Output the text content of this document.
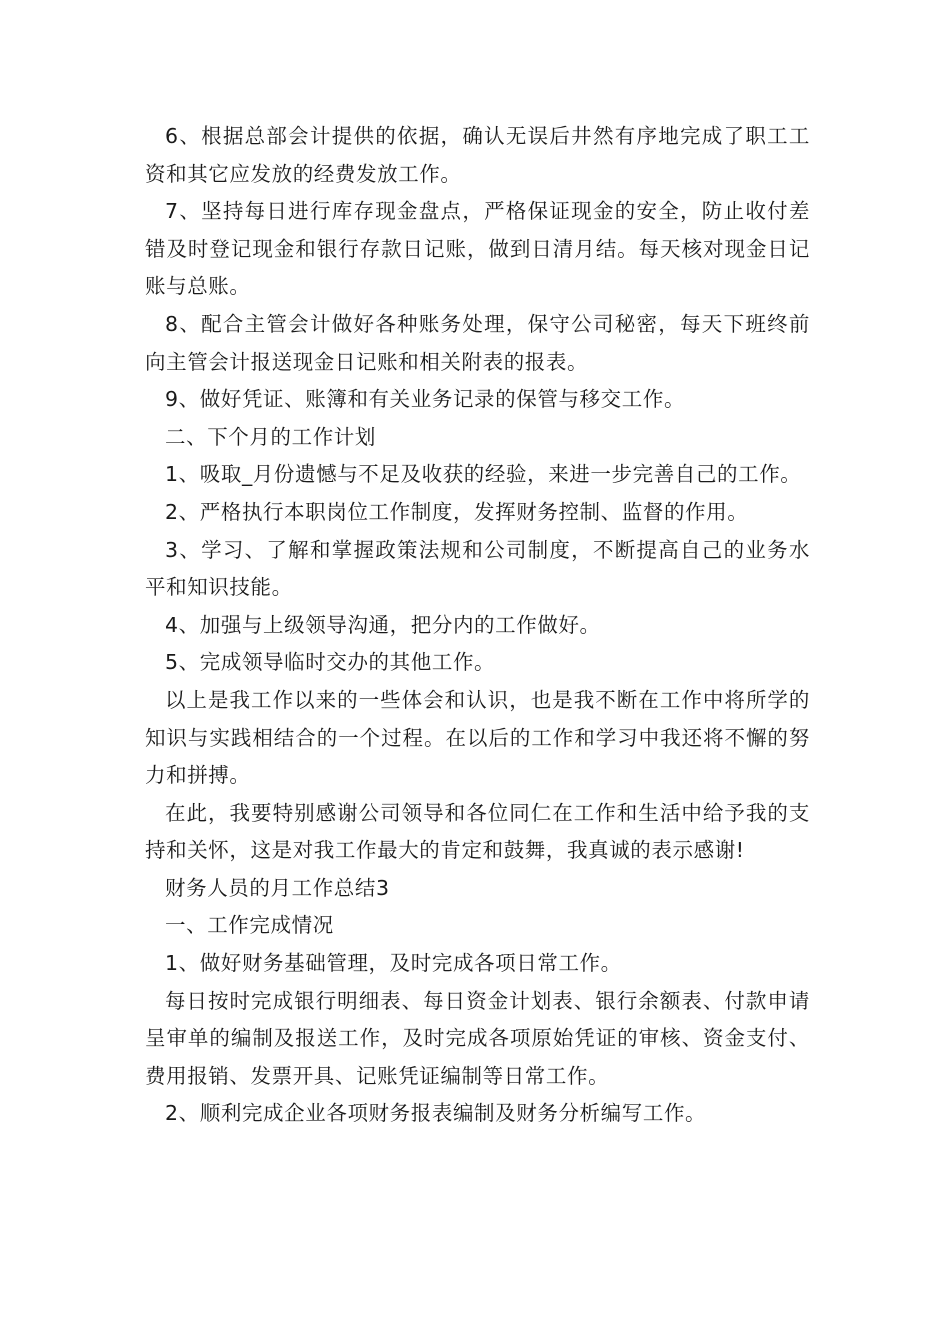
6、根据总部会计提供的依据，确认无误后井然有序地完成了职工工资和其它应发放的经费发放工作。

7、坚持每日进行库存现金盘点，严格保证现金的安全，防止收付差错及时登记现金和银行存款日记账，做到日清月结。每天核对现金日记账与总账。

8、配合主管会计做好各种账务处理，保守公司秘密，每天下班终前向主管会计报送现金日记账和相关附表的报表。

9、做好凭证、账簿和有关业务记录的保管与移交工作。

二、下个月的工作计划

1、吸取_月份遗憾与不足及收获的经验，来进一步完善自己的工作。

2、严格执行本职岗位工作制度，发挥财务控制、监督的作用。

3、学习、了解和掌握政策法规和公司制度，不断提高自己的业务水平和知识技能。

4、加强与上级领导沟通，把分内的工作做好。

5、完成领导临时交办的其他工作。

以上是我工作以来的一些体会和认识，也是我不断在工作中将所学的知识与实践相结合的一个过程。在以后的工作和学习中我还将不懈的努力和拼搏。

在此，我要特别感谢公司领导和各位同仁在工作和生活中给予我的支持和关怀，这是对我工作最大的肯定和鼓舞，我真诚的表示感谢!

财务人员的月工作总结3

一、工作完成情况

1、做好财务基础管理，及时完成各项日常工作。

每日按时完成银行明细表、每日资金计划表、银行余额表、付款申请呈审单的编制及报送工作，及时完成各项原始凭证的审核、资金支付、费用报销、发票开具、记账凭证编制等日常工作。

2、顺利完成企业各项财务报表编制及财务分析编写工作。
